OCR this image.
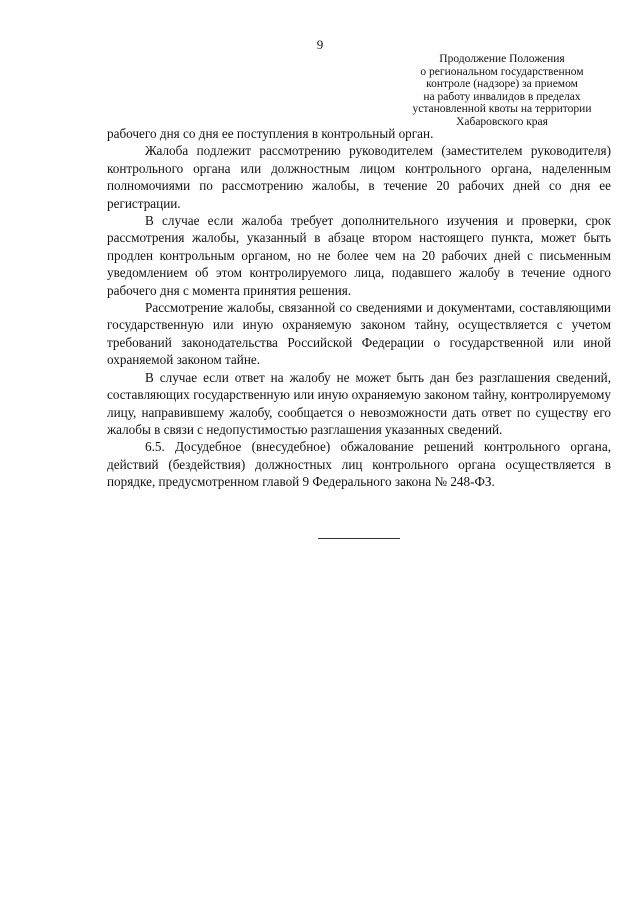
9
Продолжение Положения
о региональном государственном
контроле (надзоре) за приемом
на работу инвалидов в пределах
установленной квоты на территории
Хабаровского края

рабочего дня со дня ее поступления в контрольный орган.

Жалоба подлежит рассмотрению руководителем (заместителем руководителя) контрольного органа или должностным лицом контрольного органа, наделенным полномочиями по рассмотрению жалобы, в течение 20 рабочих дней со дня ее регистрации.

В случае если жалоба требует дополнительного изучения и проверки, срок рассмотрения жалобы, указанный в абзаце втором настоящего пункта, может быть продлен контрольным органом, но не более чем на 20 рабочих дней с письменным уведомлением об этом контролируемого лица, подавшего жалобу в течение одного рабочего дня с момента принятия решения.

Рассмотрение жалобы, связанной со сведениями и документами, составляющими государственную или иную охраняемую законом тайну, осуществляется с учетом требований законодательства Российской Федерации о государственной или иной охраняемой законом тайне.

В случае если ответ на жалобу не может быть дан без разглашения сведений, составляющих государственную или иную охраняемую законом тайну, контролируемому лицу, направившему жалобу, сообщается о невозможности дать ответ по существу его жалобы в связи с недопустимостью разглашения указанных сведений.

6.5. Досудебное (внесудебное) обжалование решений контрольного органа, действий (бездействия) должностных лиц контрольного органа осуществляется в порядке, предусмотренном главой 9 Федерального закона № 248-ФЗ.
